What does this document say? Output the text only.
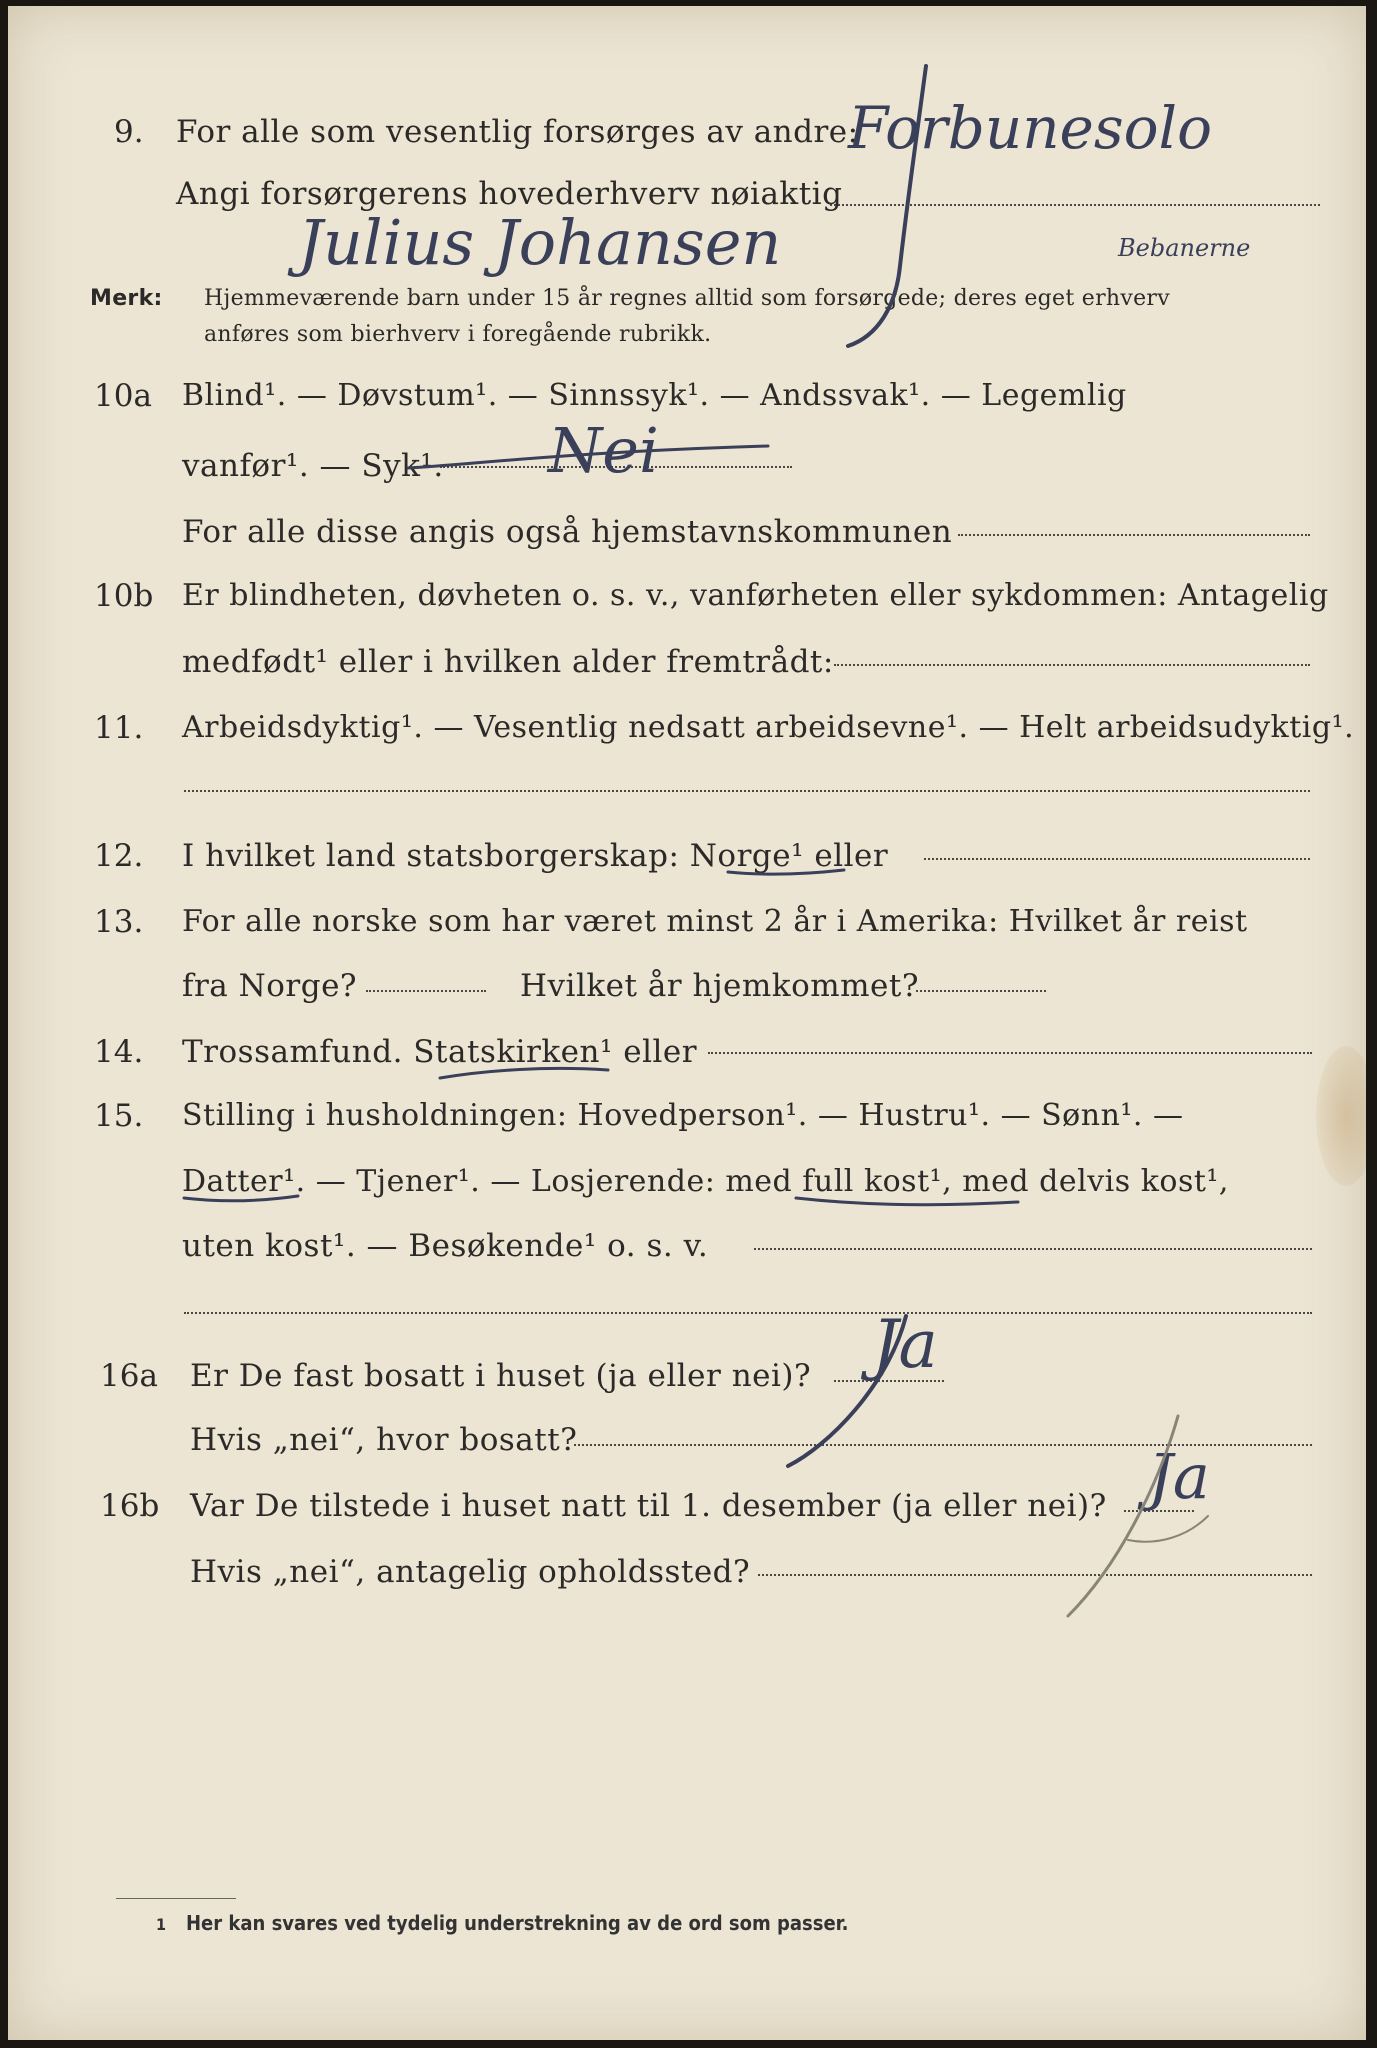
9. For alle som vesentlig forsørges av andre:
Angi forsørgerens hovederhverv nøiaktig
Forbunesolo
Julius Johansen	Bebanerne
Merk: Hjemmeværende barn under 15 år regnes alltid som forsørgede; deres eget erhverv
anføres som bierhverv i foregående rubrikk.
10a Blind¹. — Døvstum¹. — Sinnssyk¹. — Andssvak¹. — Legemlig
vanfør¹. — Syk¹. Nei
For alle disse angis også hjemstavnskommunen
10b Er blindheten, døvheten o. s. v., vanførheten eller sykdommen: Antagelig
medfødt¹ eller i hvilken alder fremtrådt:
11. Arbeidsdyktig¹. — Vesentlig nedsatt arbeidsevne¹. — Helt arbeidsudyktig¹.
12. I hvilket land statsborgerskap: Norge¹ eller
13. For alle norske som har været minst 2 år i Amerika: Hvilket år reist
fra Norge?	Hvilket år hjemkommet?
14. Trossamfund. Statskirken¹ eller
15. Stilling i husholdningen: Hovedperson¹. — Hustru¹. — Sønn¹. —
Datter¹. — Tjener¹. — Losjerende: med full kost¹, med delvis kost¹,
uten kost¹. — Besøkende¹ o. s. v.
16a Er De fast bosatt i huset (ja eller nei)? Ja
Hvis „nei“, hvor bosatt?
16b Var De tilstede i huset natt til 1. desember (ja eller nei)? Ja
Hvis „nei“, antagelig opholdssted?
1 Her kan svares ved tydelig understrekning av de ord som passer.
